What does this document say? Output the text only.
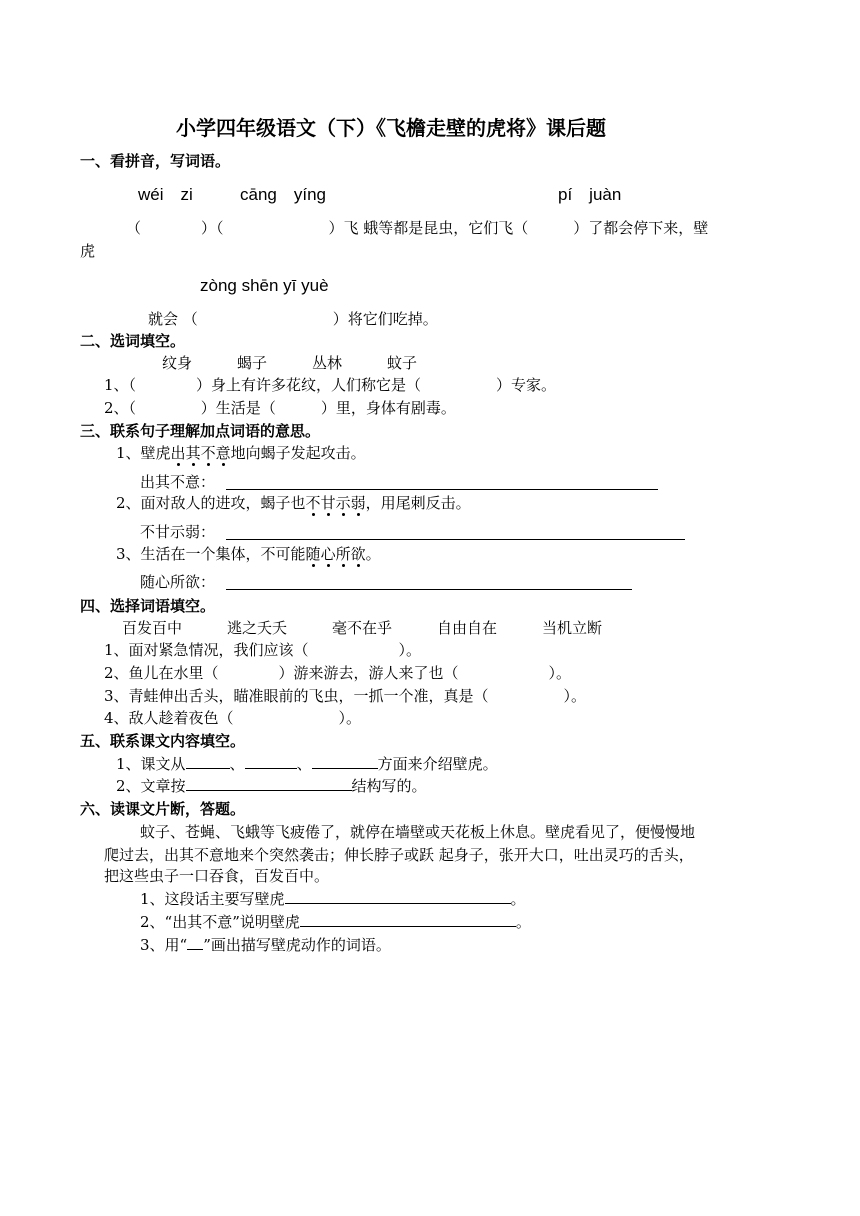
小学四年级语文（下）《飞檐走壁的虎将》课后题
一、看拼音，写词语。
wéi　zi	cāng　yíng	pí　juàn
（　　　　）（　　　　　　　）飞 蛾等都是昆虫，它们飞（　　　）了都会停下来，壁
虎
zòng shēn yī yuè
就会 （　　　　　　　　　）将它们吃掉。
二、选词填空。
纹身　　　蝎子　　　丛林　　　蚊子
1、（　　　　）身上有许多花纹，人们称它是（　　　　　）专家。
2、（　　　　 ）生活是（　　　）里，身体有剧毒。
三、联系句子理解加点词语的意思。
1、壁虎出其不意地向蝎子发起攻击。
出其不意：
2、面对敌人的进攻，蝎子也不甘示弱，用尾刺反击。
不甘示弱：
3、生活在一个集体，不可能随心所欲。
随心所欲：
四、选择词语填空。
百发百中　　　逃之夭夭　　　毫不在乎　　　自由自在　　　当机立断
1、面对紧急情况，我们应该（　　　　　　）。
2、鱼儿在水里（　　　　）游来游去，游人来了也（　　　　　　）。
3、青蛙伸出舌头，瞄准眼前的飞虫，一抓一个准，真是（　　　　　）。
4、敌人趁着夜色（　　　　　　　）。
五、联系课文内容填空。
1、课文从	、	、	方面来介绍壁虎。
2、文章按	结构写的。
六、读课文片断，答题。
蚊子、苍蝇、飞蛾等飞疲倦了，就停在墙壁或天花板上休息。壁虎看见了，便慢慢地
爬过去，出其不意地来个突然袭击；伸长脖子或跃 起身子，张开大口，吐出灵巧的舌头，
把这些虫子一口吞食，百发百中。
1、这段话主要写壁虎	。
2、“出其不意”说明壁虎	。
3、用“ ”画出描写壁虎动作的词语。
